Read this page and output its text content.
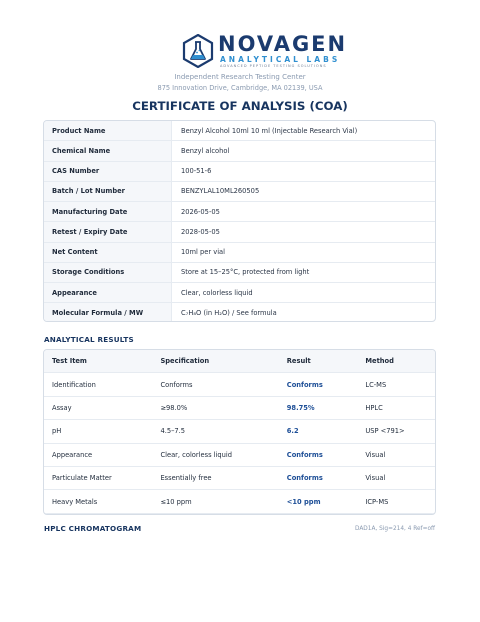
NOVAGEN
ANALYTICAL LABS
ADVANCED PEPTIDE TESTING SOLUTIONS
Independent Research Testing Center
875 Innovation Drive, Cambridge, MA 02139, USA
CERTIFICATE OF ANALYSIS (COA)
Product Name	Benzyl Alcohol 10ml 10 ml (Injectable Research Vial)
Chemical Name	Benzyl alcohol
CAS Number	100-51-6
Batch / Lot Number	BENZYLAL10ML260505
Manufacturing Date	2026-05-05
Retest / Expiry Date	2028-05-05
Net Content	10ml per vial
Storage Conditions	Store at 15–25°C, protected from light
Appearance	Clear, colorless liquid
Molecular Formula / MW	C₇H₈O (in H₂O) / See formula
ANALYTICAL RESULTS
Test Item	Specification	Result	Method
Identification	Conforms	Conforms	LC-MS
Assay	≥98.0%	98.75%	HPLC
pH	4.5–7.5	6.2	USP <791>
Appearance	Clear, colorless liquid	Conforms	Visual
Particulate Matter	Essentially free	Conforms	Visual
Heavy Metals	≤10 ppm	<10 ppm	ICP-MS
HPLC CHROMATOGRAM	DAD1A, Sig=214, 4 Ref=off
